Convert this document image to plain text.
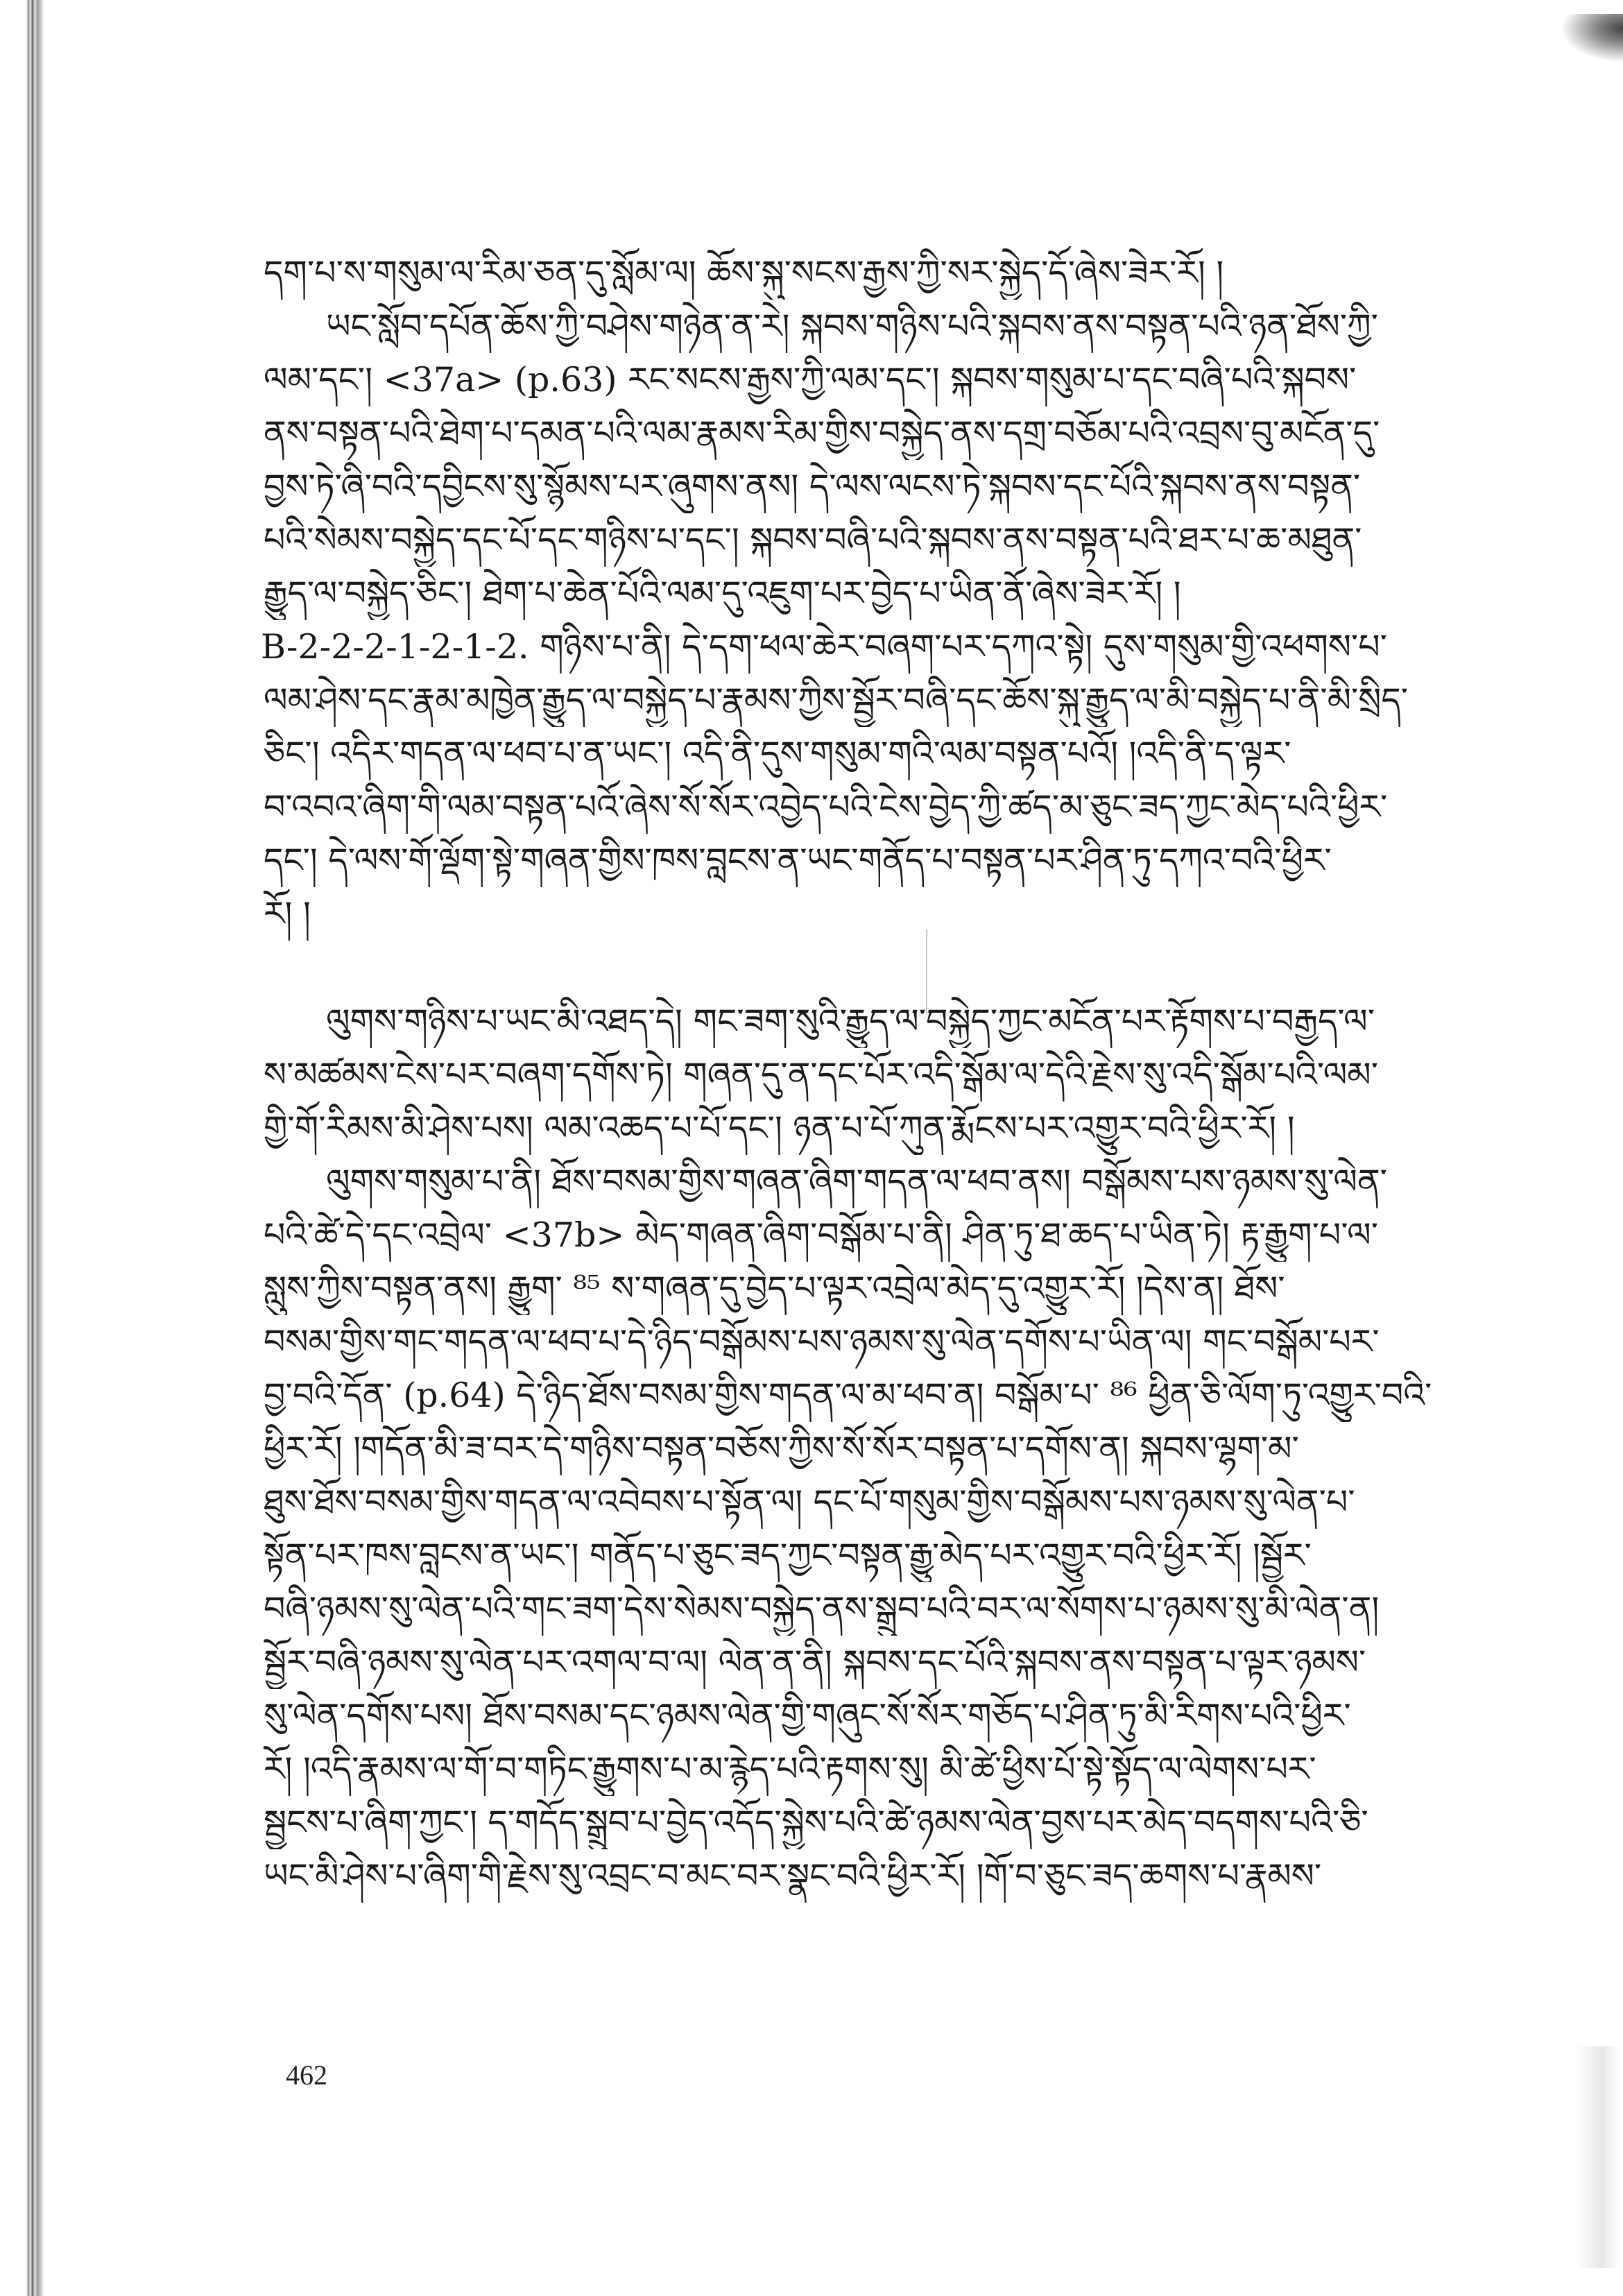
དག་པ་ས་གསུམ་ལ་རིམ་ཅན་དུ་སློམ་ལ། ཆོས་སྐུ་སངས་རྒྱས་ཀྱི་སར་སྐྱེད་དོ་ཞེས་ཟེར་རོ། །
ཡང་སློབ་དཔོན་ཆོས་ཀྱི་བཤེས་གཉེན་ན་རེ། སྐབས་གཉིས་པའི་སྐབས་ནས་བསྟན་པའི་ཉན་ཐོས་ཀྱི་
ལམ་དང་། <37a> (p.63) རང་སངས་རྒྱས་ཀྱི་ལམ་དང་། སྐབས་གསུམ་པ་དང་བཞི་པའི་སྐབས་
ནས་བསྟན་པའི་ཐེག་པ་དམན་པའི་ལམ་རྣམས་རིམ་གྱིས་བསྐྱེད་ནས་དགྲ་བཅོམ་པའི་འབྲས་བུ་མངོན་དུ་
བྱས་ཏེ་ཞི་བའི་དབྱིངས་སུ་སྙོམས་པར་ཞུགས་ནས། དེ་ལས་ལངས་ཏེ་སྐབས་དང་པོའི་སྐབས་ནས་བསྟན་
པའི་སེམས་བསྐྱེད་དང་པོ་དང་གཉིས་པ་དང་། སྐབས་བཞི་པའི་སྐབས་ནས་བསྟན་པའི་ཐར་པ་ཆ་མཐུན་
རྒྱུད་ལ་བསྐྱེད་ཅིང་། ཐེག་པ་ཆེན་པོའི་ལམ་དུ་འཇུག་པར་བྱེད་པ་ཡིན་ནོ་ཞེས་ཟེར་རོ། །
B-2-2-2-1-2-1-2. གཉིས་པ་ནི། དེ་དག་ཕལ་ཆེར་བཞག་པར་དཀའ་སྟེ། དུས་གསུམ་གྱི་འཕགས་པ་
ལམ་ཤེས་དང་རྣམ་མཁྱེན་རྒྱུད་ལ་བསྐྱེད་པ་རྣམས་ཀྱིས་སྦྱོར་བཞི་དང་ཆོས་སྐུ་རྒྱུད་ལ་མི་བསྐྱེད་པ་ནི་མི་སྲིད་
ཅིང་། འདིར་གདན་ལ་ཕབ་པ་ན་ཡང་། འདི་ནི་དུས་གསུམ་གའི་ལམ་བསྟན་པའོ། །འདི་ནི་ད་ལྟར་
བ་འབའ་ཞིག་གི་ལམ་བསྟན་པའོ་ཞེས་སོ་སོར་འབྱེད་པའི་ངེས་བྱེད་ཀྱི་ཚད་མ་ཅུང་ཟད་ཀྱང་མེད་པའི་ཕྱིར་
དང་། དེ་ལས་གོ་ལྡོག་སྟེ་གཞན་གྱིས་ཁས་བླངས་ན་ཡང་གནོད་པ་བསྟན་པར་ཤིན་ཏུ་དཀའ་བའི་ཕྱིར་
རོ། །
ལུགས་གཉིས་པ་ཡང་མི་འཐད་དེ། གང་ཟག་སུའི་རྒྱུད་ལ་བསྐྱེད་ཀྱང་མངོན་པར་རྟོགས་པ་བརྒྱད་ལ་
ས་མཚམས་ངེས་པར་བཞག་དགོས་ཏེ། གཞན་དུ་ན་དང་པོར་འདི་སྒོམ་ལ་དེའི་རྗེས་སུ་འདི་སྒོམ་པའི་ལམ་
གྱི་གོ་རིམས་མི་ཤེས་པས། ལམ་འཆད་པ་པོ་དང་། ཉན་པ་པོ་ཀུན་རྨོངས་པར་འགྱུར་བའི་ཕྱིར་རོ། །
ལུགས་གསུམ་པ་ནི། ཐོས་བསམ་གྱིས་གཞན་ཞིག་གདན་ལ་ཕབ་ནས། བསྒོམས་པས་ཉམས་སུ་ལེན་
པའི་ཚེ་དེ་དང་འབྲེལ་ <37b> མེད་གཞན་ཞིག་བསྒོམ་པ་ནི། ཤིན་ཏུ་ཐ་ཆད་པ་ཡིན་ཏེ། རྟ་རྒྱུག་པ་ལ་
སླུས་ཀྱིས་བསྟན་ནས། རྒྱུག་ ⁸⁵ ས་གཞན་དུ་བྱེད་པ་ལྟར་འབྲེལ་མེད་དུ་འགྱུར་རོ། །དེས་ན། ཐོས་
བསམ་གྱིས་གང་གདན་ལ་ཕབ་པ་དེ་ཉིད་བསྒོམས་པས་ཉམས་སུ་ལེན་དགོས་པ་ཡིན་ལ། གང་བསྒོམ་པར་
བྱ་བའི་དོན་ (p.64) དེ་ཉིད་ཐོས་བསམ་གྱིས་གདན་ལ་མ་ཕབ་ན། བསྒོམ་པ་ ⁸⁶ ཕྱིན་ཅི་ལོག་ཏུ་འགྱུར་བའི་
ཕྱིར་རོ། །གདོན་མི་ཟ་བར་དེ་གཉིས་བསྟན་བཅོས་ཀྱིས་སོ་སོར་བསྟན་པ་དགོས་ན། སྐབས་ལྷག་མ་
ཐུས་ཐོས་བསམ་གྱིས་གདན་ལ་འབེབས་པ་སྟོན་ལ། དང་པོ་གསུམ་གྱིས་བསྒོམས་པས་ཉམས་སུ་ལེན་པ་
སྟོན་པར་ཁས་བླངས་ན་ཡང་། གནོད་པ་ཅུང་ཟད་ཀྱང་བསྟན་རྒྱུ་མེད་པར་འགྱུར་བའི་ཕྱིར་རོ། །སྦྱོར་
བཞི་ཉམས་སུ་ལེན་པའི་གང་ཟག་དེས་སེམས་བསྐྱེད་ནས་སྒྲུབ་པའི་བར་ལ་སོགས་པ་ཉམས་སུ་མི་ལེན་ན།
སྦྱོར་བཞི་ཉམས་སུ་ལེན་པར་འགལ་བ་ལ། ལེན་ན་ནི། སྐབས་དང་པོའི་སྐབས་ནས་བསྟན་པ་ལྟར་ཉམས་
སུ་ལེན་དགོས་པས། ཐོས་བསམ་དང་ཉམས་ལེན་གྱི་གཞུང་སོ་སོར་གཅོད་པ་ཤིན་ཏུ་མི་རིགས་པའི་ཕྱིར་
རོ། །འདི་རྣམས་ལ་གོ་བ་གཏིང་རྒྱུགས་པ་མ་རྙེད་པའི་རྟགས་སུ། མི་ཚེ་ཕྱིས་པོ་སྟེ་སྟོད་ལ་ལེགས་པར་
སྦྱངས་པ་ཞིག་ཀྱང་། ད་གདོད་སྒྲུབ་པ་བྱེད་འདོད་སྐྱེས་པའི་ཚེ་ཉམས་ལེན་བྱས་པར་མེད་བདགས་པའི་ཅི་
ཡང་མི་ཤེས་པ་ཞིག་གི་རྗེས་སུ་འབྲང་བ་མང་བར་སྣང་བའི་ཕྱིར་རོ། །གོ་བ་ཅུང་ཟད་ཆགས་པ་རྣམས་
462
